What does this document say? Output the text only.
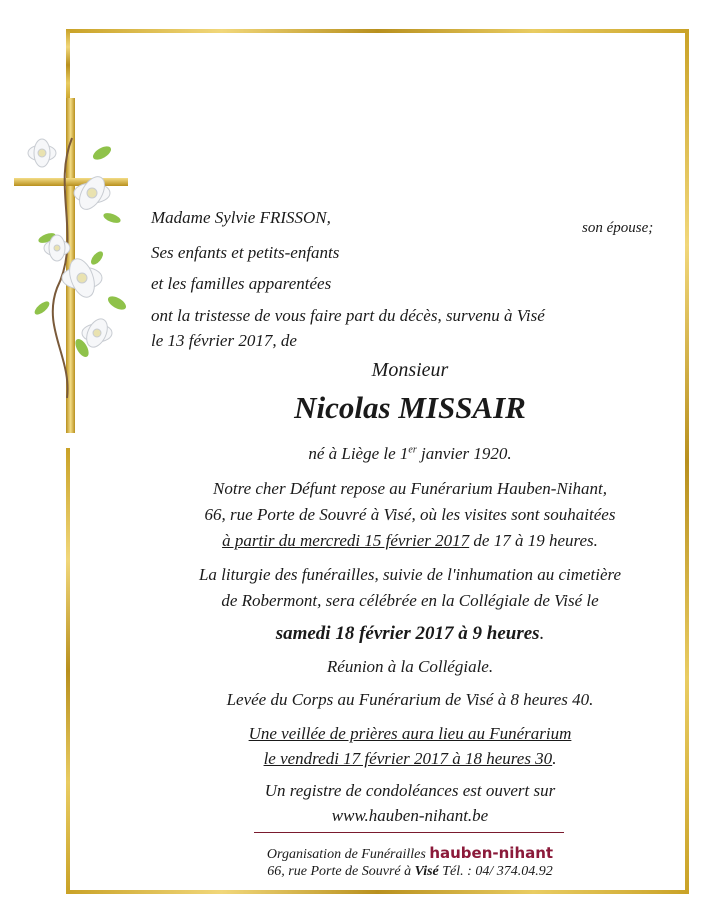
Madame Sylvie FRISSON,
son épouse;
Ses enfants et petits-enfants
et les familles apparentées
ont la tristesse de vous faire part du décès, survenu à Visé
le 13 février 2017, de
Monsieur
Nicolas MISSAIR
né à Liège le 1er janvier 1920.
Notre cher Défunt repose au Funérarium Hauben-Nihant,
66, rue Porte de Souvré à Visé, où les visites sont souhaitées
à partir du mercredi 15 février 2017 de 17 à 19 heures.
La liturgie des funérailles, suivie de l'inhumation au cimetière
de Robermont, sera célébrée en la Collégiale de Visé le
samedi 18 février 2017 à 9 heures.
Réunion à la Collégiale.
Levée du Corps au Funérarium de Visé à 8 heures 40.
Une veillée de prières aura lieu au Funérarium
le vendredi 17 février 2017 à 18 heures 30.
Un registre de condoléances est ouvert sur
www.hauben-nihant.be
Organisation de Funérailles hauben-nihant
66, rue Porte de Souvré à Visé Tél. : 04/ 374.04.92
